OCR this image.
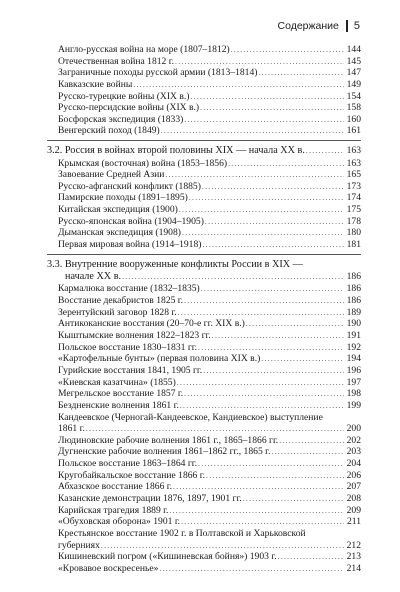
Содержание 5
Англо-русская война на море (1807–1812) .....	144
Отечественная война 1812 г. .....	145
Заграничные походы русской армии (1813–1814) .....	147
Кавказские войны .....	149
Русско-турецкие войны (XIX в.) .....	154
Русско-персидские войны (XIX в.) .....	158
Босфорская экспедиция (1833) .....	160
Венгерский поход (1849) .....	161
3.2. Россия в войнах второй половины XIX — начала XX в. .....	163
Крымская (восточная) война (1853–1856) .....	163
Завоевание Средней Азии .....	165
Русско-афганский конфликт (1885) .....	173
Памирские походы (1891–1895) .....	174
Китайская экспедиция (1900) .....	175
Русско-японская война (1904–1905) .....	178
Дыманская экспедиция (1908) .....	180
Первая мировая война (1914–1918) .....	181
3.3. Внутренние вооруженные конфликты России в XIX —
начале XX в. .....	186
Кармалюка восстание (1832–1835) .....	186
Восстание декабристов 1825 г. .....	186
Зерентуйский заговор 1828 г. .....	189
Антикоканские восстания (20–70-е гг. XIX в.) .....	190
Кыштымские волнения 1822–1823 гг. .....	191
Польское восстание 1830–1831 гг. .....	192
«Картофельные бунты» (первая половина XIX в.) .....	194
Гурийские восстания 1841, 1905 гг. .....	196
«Киевская казатчина» (1855) .....	197
Мегрельское восстание 1857 г. .....	198
Бездненские волнения 1861 г. .....	199
Кандеевское (Черногай-Кандеевское, Кандиевское) выступление
1861 г. .....	200
Людиновские рабочие волнения 1861 г., 1865–1866 гг. .....	202
Дугненские рабочие волнения 1861–1862 гг., 1865 г. .....	203
Польское восстание 1863–1864 гг. .....	204
Кругобайкальское восстание 1866 г. .....	206
Абхазское восстание 1866 г. .....	207
Казанские демонстрации 1876, 1897, 1901 гг. .....	208
Карийская трагедия 1889 г. .....	209
«Обуховская оборона» 1901 г. .....	211
Крестьянское восстание 1902 г. в Полтавской и Харьковской
губерниях .....	212
Кишиневский погром («Кишиневская бойня») 1903 г. .....	213
«Кровавое воскресенье» .....	214
